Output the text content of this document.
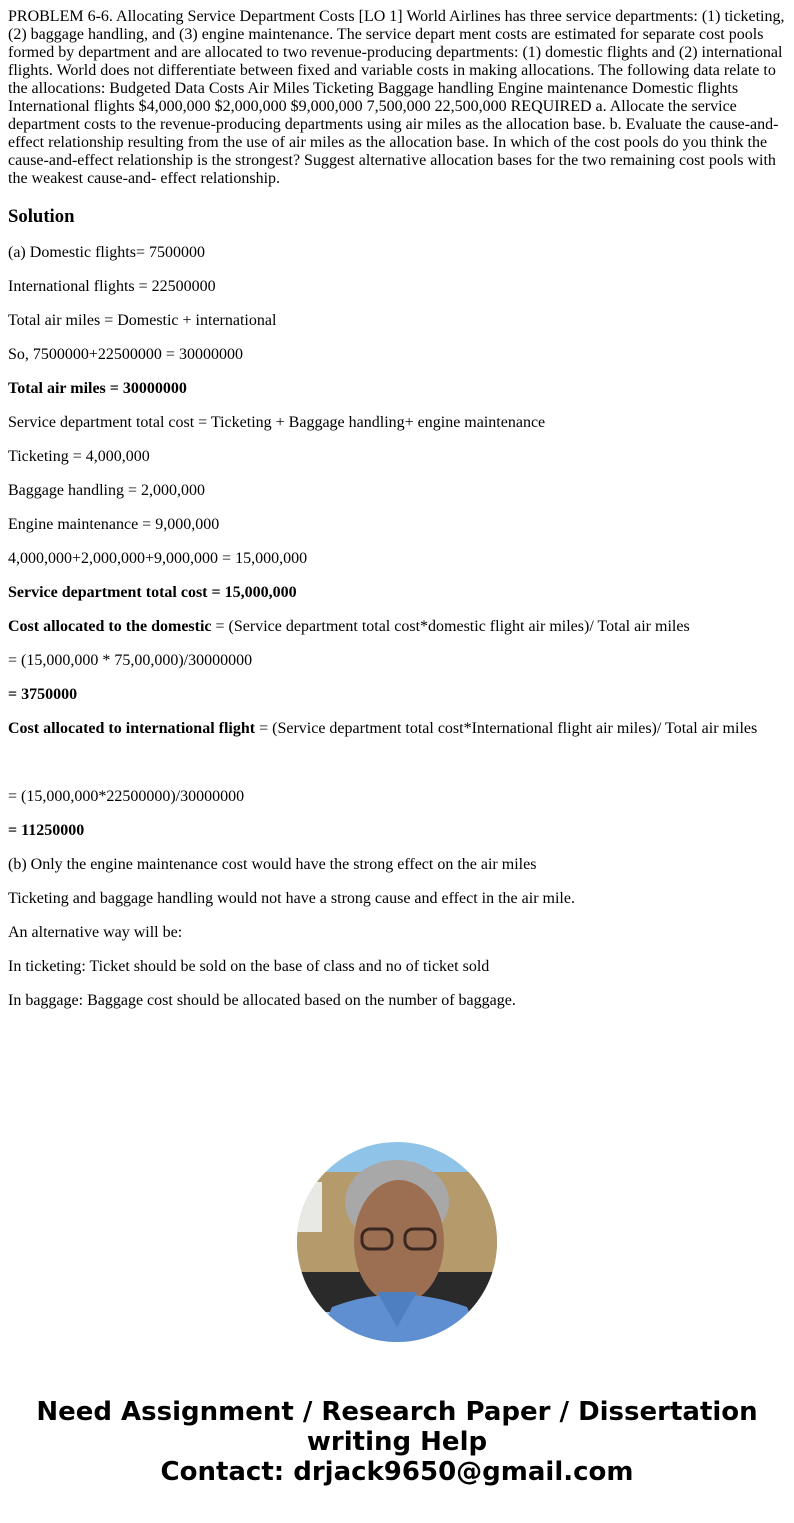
PROBLEM 6-6. Allocating Service Department Costs [LO 1] World Airlines has three service departments: (1) ticketing, (2) baggage handling, and (3) engine maintenance. The service depart ment costs are estimated for separate cost pools formed by department and are allocated to two revenue-producing departments: (1) domestic flights and (2) international flights. World does not differentiate between fixed and variable costs in making allocations. The following data relate to the allocations: Budgeted Data Costs Air Miles Ticketing Baggage handling Engine maintenance Domestic flights International flights $4,000,000 $2,000,000 $9,000,000 7,500,000 22,500,000 REQUIRED a. Allocate the service department costs to the revenue-producing departments using air miles as the allocation base. b. Evaluate the cause-and-effect relationship resulting from the use of air miles as the allocation base. In which of the cost pools do you think the cause-and-effect relationship is the strongest? Suggest alternative allocation bases for the two remaining cost pools with the weakest cause-and- effect relationship.

Solution

(a) Domestic flights= 7500000

International flights = 22500000

Total air miles = Domestic + international

So, 7500000+22500000 = 30000000

Total air miles = 30000000

Service department total cost = Ticketing + Baggage handling+ engine maintenance

Ticketing = 4,000,000

Baggage handling = 2,000,000

Engine maintenance = 9,000,000

4,000,000+2,000,000+9,000,000 = 15,000,000

Service department total cost = 15,000,000

Cost allocated to the domestic = (Service department total cost*domestic flight air miles)/ Total air miles

= (15,000,000 * 75,00,000)/30000000

= 3750000

Cost allocated to international flight = (Service department total cost*International flight air miles)/ Total air miles

= (15,000,000*22500000)/30000000

= 11250000

(b) Only the engine maintenance cost would have the strong effect on the air miles

Ticketing and baggage handling would not have a strong cause and effect in the air mile.

An alternative way will be:

In ticketing: Ticket should be sold on the base of class and no of ticket sold

In baggage: Baggage cost should be allocated based on the number of baggage.

Need Assignment / Research Paper / Dissertation writing Help
Contact: drjack9650@gmail.com
